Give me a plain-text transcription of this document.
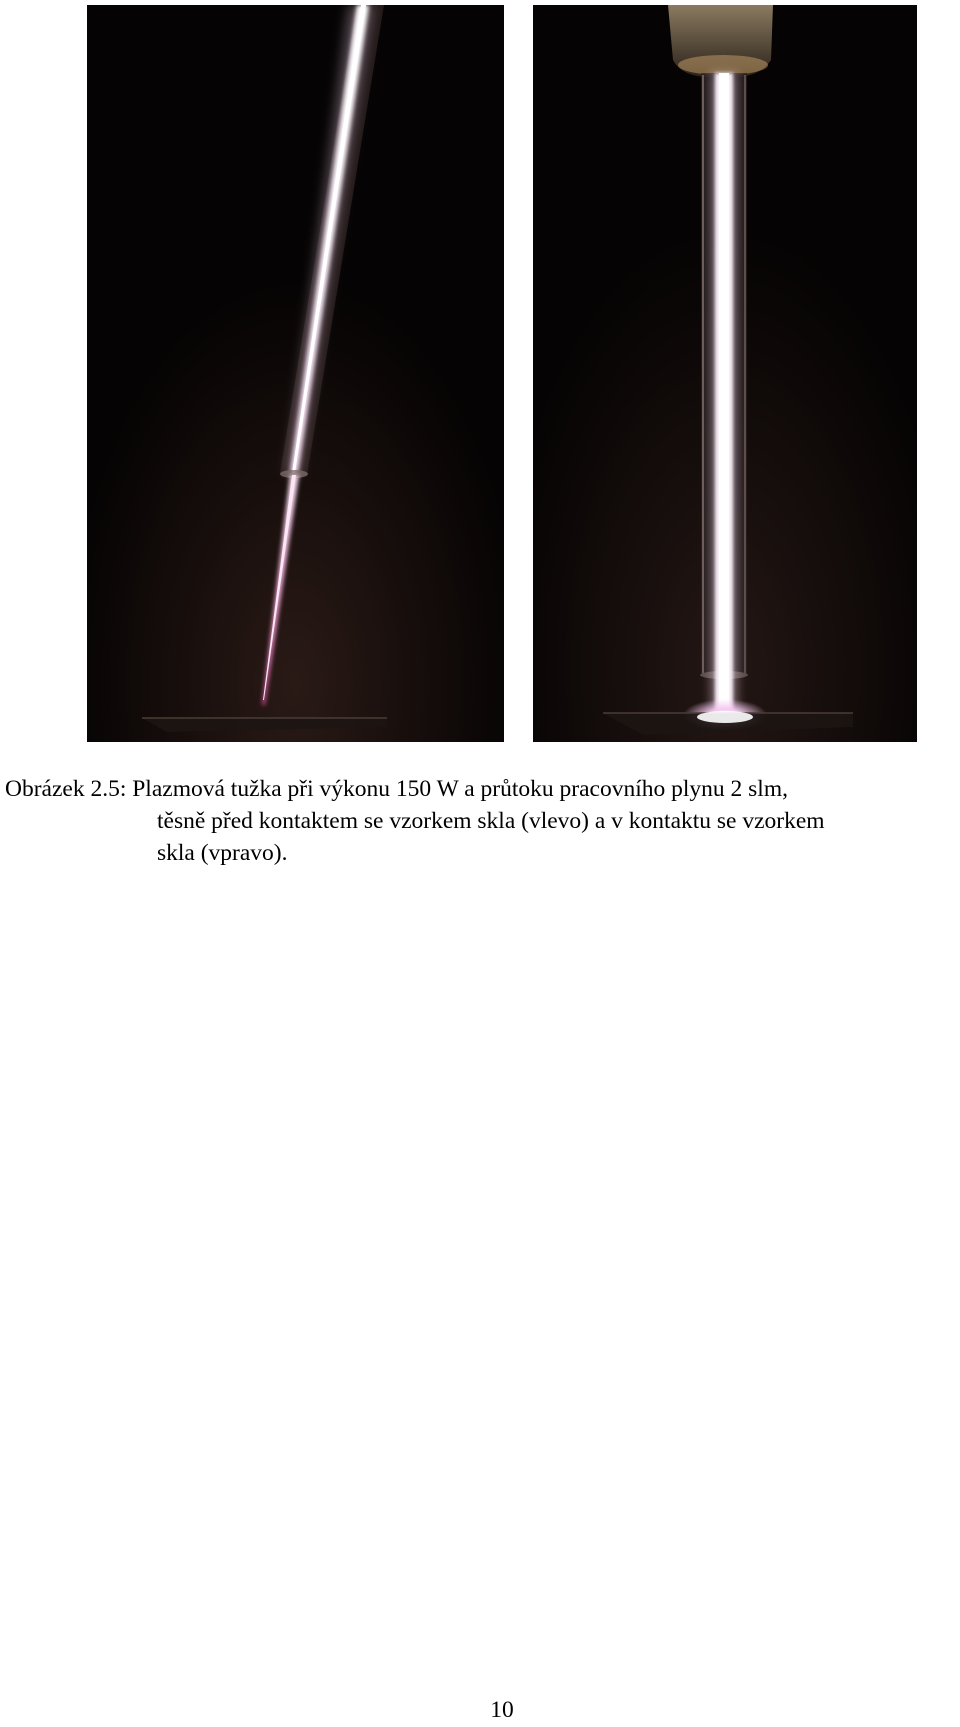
Obrázek 2.5: Plazmová tužka při výkonu 150 W a průtoku pracovního plynu 2 slm,
těsně před kontaktem se vzorkem skla (vlevo) a v kontaktu se vzorkem
skla (vpravo).
10
